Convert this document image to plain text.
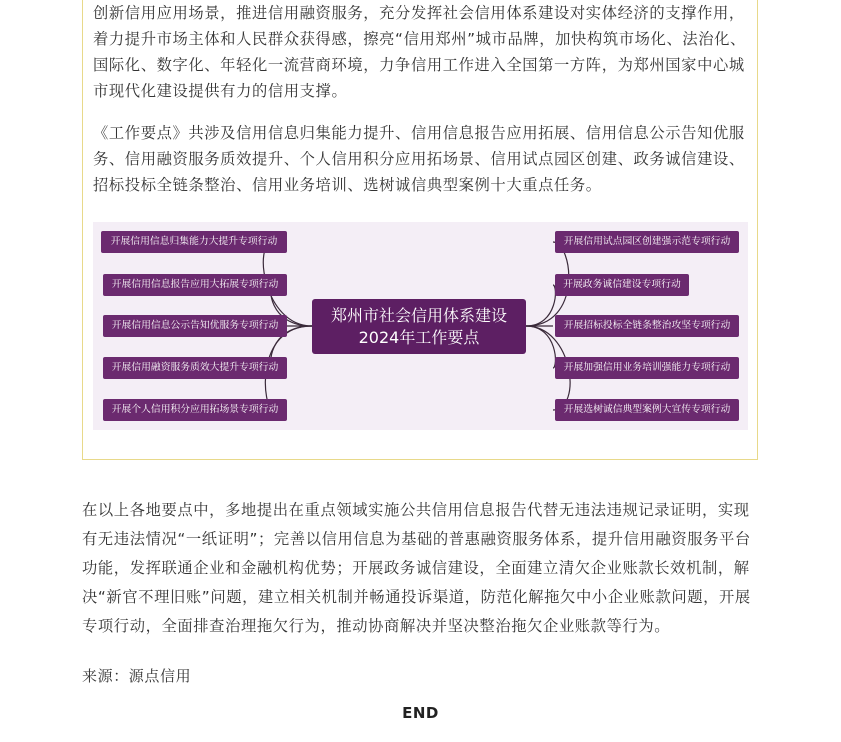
创新信用应用场景，推进信用融资服务，充分发挥社会信用体系建设对实体经济的支撑作用，着力提升市场主体和人民群众获得感，擦亮“信用郑州”城市品牌，加快构筑市场化、法治化、国际化、数字化、年轻化一流营商环境，力争信用工作进入全国第一方阵，为郑州国家中心城市现代化建设提供有力的信用支撑。

《工作要点》共涉及信用信息归集能力提升、信用信息报告应用拓展、信用信息公示告知优服务、信用融资服务质效提升、个人信用积分应用拓场景、信用试点园区创建、政务诚信建设、招标投标全链条整治、信用业务培训、选树诚信典型案例十大重点任务。

开展信用信息归集能力大提升专项行动
开展信用信息报告应用大拓展专项行动
开展信用信息公示告知优服务专项行动
开展信用融资服务质效大提升专项行动
开展个人信用积分应用拓场景专项行动
郑州市社会信用体系建设
2024年工作要点
开展信用试点园区创建强示范专项行动
开展政务诚信建设专项行动
开展招标投标全链条整治攻坚专项行动
开展加强信用业务培训强能力专项行动
开展选树诚信典型案例大宣传专项行动

在以上各地要点中，多地提出在重点领域实施公共信用信息报告代替无违法违规记录证明，实现有无违法情况“一纸证明”；完善以信用信息为基础的普惠融资服务体系，提升信用融资服务平台功能，发挥联通企业和金融机构优势；开展政务诚信建设，全面建立清欠企业账款长效机制，解决“新官不理旧账”问题，建立相关机制并畅通投诉渠道，防范化解拖欠中小企业账款问题，开展专项行动，全面排查治理拖欠行为，推动协商解决并坚决整治拖欠企业账款等行为。

来源：源点信用
END
